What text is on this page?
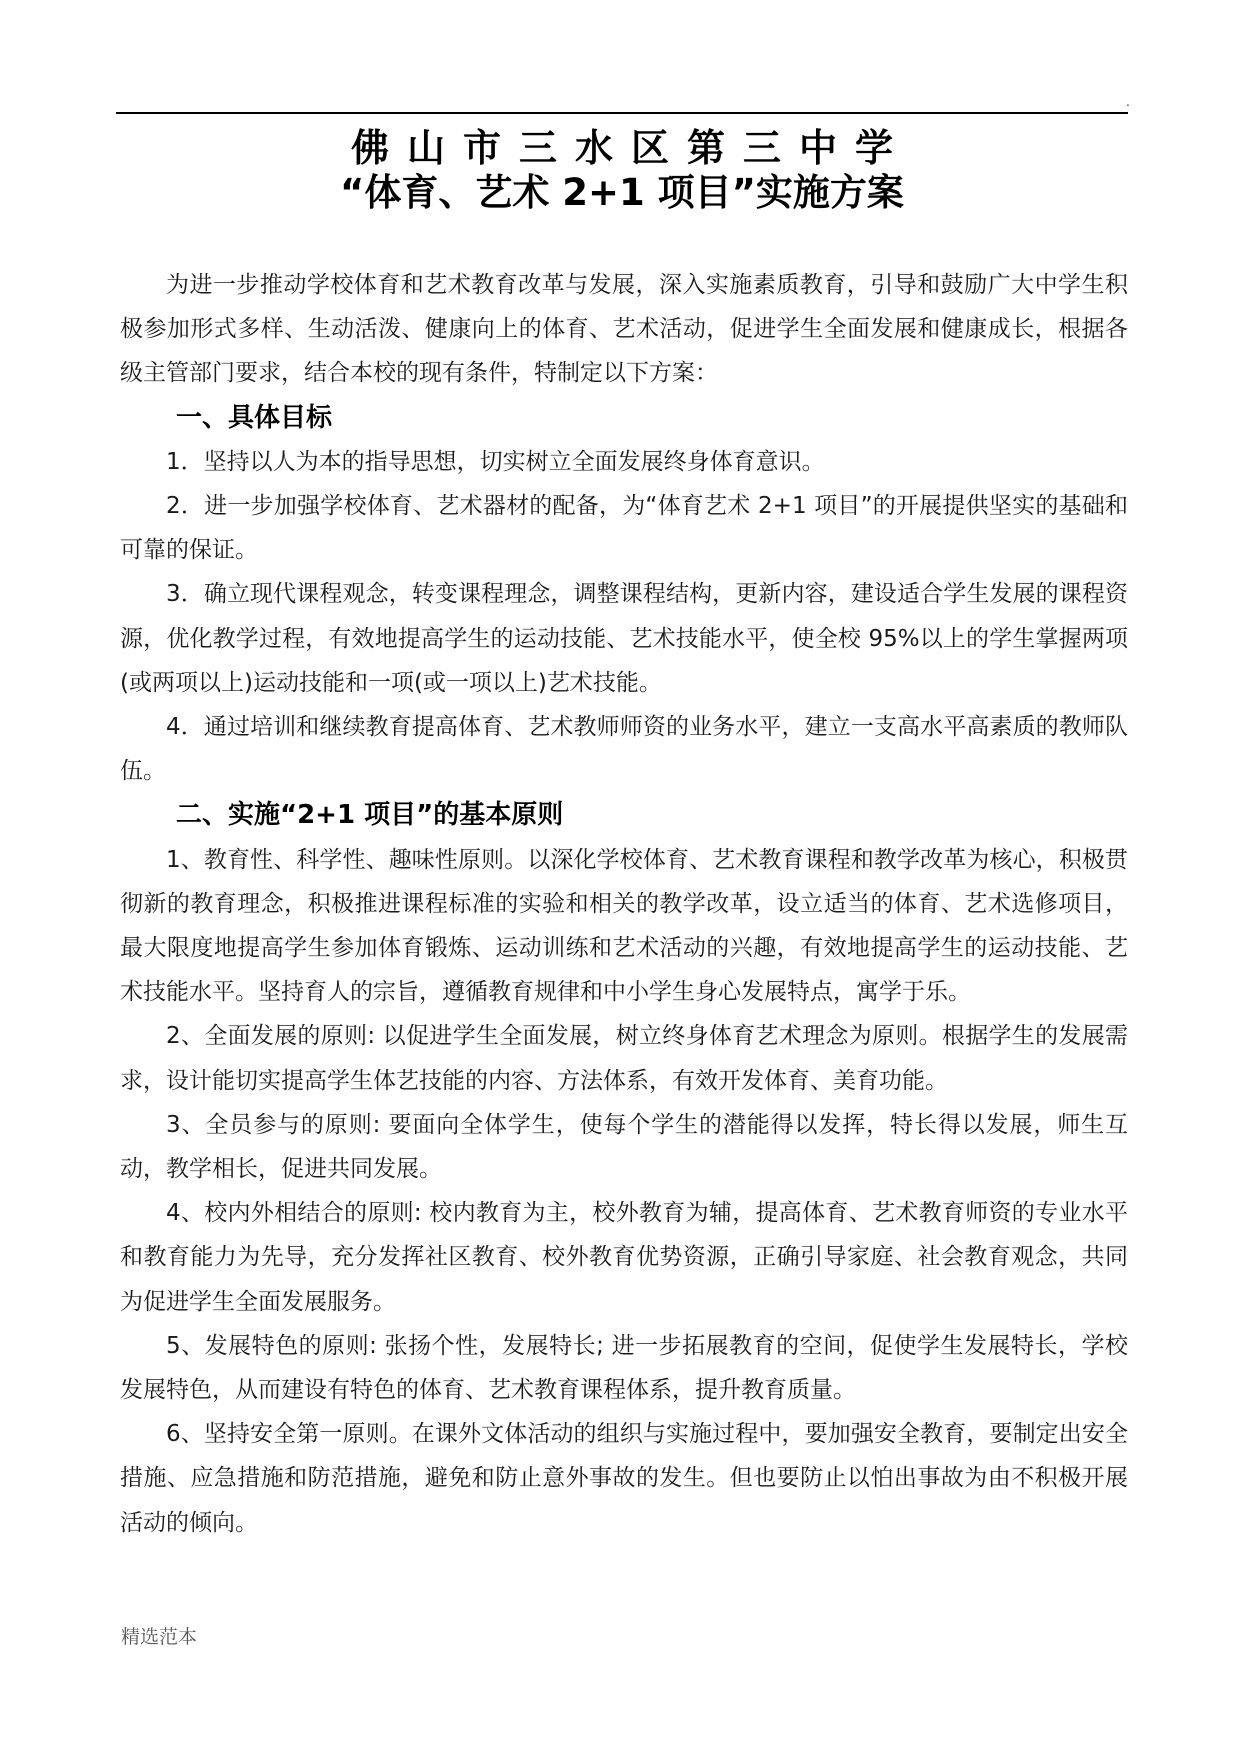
.
佛山市三水区第三中学
“体育、艺术 2+1 项目”实施方案

为进一步推动学校体育和艺术教育改革与发展，深入实施素质教育，引导和鼓励广大中学生积极参加形式多样、生动活泼、健康向上的体育、艺术活动，促进学生全面发展和健康成长，根据各级主管部门要求，结合本校的现有条件，特制定以下方案：

一、具体目标

1．坚持以人为本的指导思想，切实树立全面发展终身体育意识。

2．进一步加强学校体育、艺术器材的配备，为“体育艺术 2+1 项目”的开展提供坚实的基础和可靠的保证。

3．确立现代课程观念，转变课程理念，调整课程结构，更新内容，建设适合学生发展的课程资源，优化教学过程，有效地提高学生的运动技能、艺术技能水平，使全校 95%以上的学生掌握两项(或两项以上)运动技能和一项(或一项以上)艺术技能。

4．通过培训和继续教育提高体育、艺术教师师资的业务水平，建立一支高水平高素质的教师队伍。

二、实施“2+1 项目”的基本原则

1、教育性、科学性、趣味性原则。以深化学校体育、艺术教育课程和教学改革为核心，积极贯彻新的教育理念，积极推进课程标准的实验和相关的教学改革，设立适当的体育、艺术选修项目，最大限度地提高学生参加体育锻炼、运动训练和艺术活动的兴趣，有效地提高学生的运动技能、艺术技能水平。坚持育人的宗旨，遵循教育规律和中小学生身心发展特点，寓学于乐。

2、全面发展的原则: 以促进学生全面发展，树立终身体育艺术理念为原则。根据学生的发展需求，设计能切实提高学生体艺技能的内容、方法体系，有效开发体育、美育功能。

3、全员参与的原则: 要面向全体学生，使每个学生的潜能得以发挥，特长得以发展，师生互动，教学相长，促进共同发展。

4、校内外相结合的原则: 校内教育为主，校外教育为辅，提高体育、艺术教育师资的专业水平和教育能力为先导，充分发挥社区教育、校外教育优势资源，正确引导家庭、社会教育观念，共同为促进学生全面发展服务。

5、发展特色的原则: 张扬个性，发展特长; 进一步拓展教育的空间，促使学生发展特长，学校发展特色，从而建设有特色的体育、艺术教育课程体系，提升教育质量。

6、坚持安全第一原则。在课外文体活动的组织与实施过程中，要加强安全教育，要制定出安全措施、应急措施和防范措施，避免和防止意外事故的发生。但也要防止以怕出事故为由不积极开展活动的倾向。

精选范本
